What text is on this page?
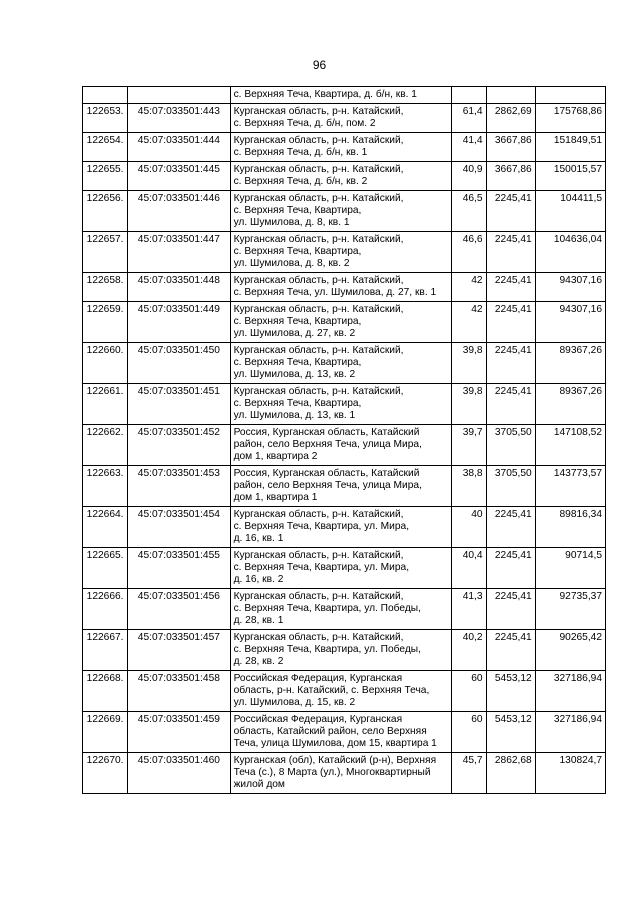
96
		с. Верхняя Теча, Квартира, д. б/н, кв. 1			
122653.	45:07:033501:443	Курганская область, р-н. Катайский,
с. Верхняя Теча, д. б/н, пом. 2	61,4	2862,69	175768,86
122654.	45:07:033501:444	Курганская область, р-н. Катайский,
с. Верхняя Теча, д. б/н, кв. 1	41,4	3667,86	151849,51
122655.	45:07:033501:445	Курганская область, р-н. Катайский,
с. Верхняя Теча, д. б/н, кв. 2	40,9	3667,86	150015,57
122656.	45:07:033501:446	Курганская область, р-н. Катайский,
с. Верхняя Теча, Квартира,
ул. Шумилова, д. 8, кв. 1	46,5	2245,41	104411,5
122657.	45:07:033501:447	Курганская область, р-н. Катайский,
с. Верхняя Теча, Квартира,
ул. Шумилова, д. 8, кв. 2	46,6	2245,41	104636,04
122658.	45:07:033501:448	Курганская область, р-н. Катайский,
с. Верхняя Теча, ул. Шумилова, д. 27, кв. 1	42	2245,41	94307,16
122659.	45:07:033501:449	Курганская область, р-н. Катайский,
с. Верхняя Теча, Квартира,
ул. Шумилова, д. 27, кв. 2	42	2245,41	94307,16
122660.	45:07:033501:450	Курганская область, р-н. Катайский,
с. Верхняя Теча, Квартира,
ул. Шумилова, д. 13, кв. 2	39,8	2245,41	89367,26
122661.	45:07:033501:451	Курганская область, р-н. Катайский,
с. Верхняя Теча, Квартира,
ул. Шумилова, д. 13, кв. 1	39,8	2245,41	89367,26
122662.	45:07:033501:452	Россия, Курганская область, Катайский
район, село Верхняя Теча, улица Мира,
дом 1, квартира 2	39,7	3705,50	147108,52
122663.	45:07:033501:453	Россия, Курганская область, Катайский
район, село Верхняя Теча, улица Мира,
дом 1, квартира 1	38,8	3705,50	143773,57
122664.	45:07:033501:454	Курганская область, р-н. Катайский,
с. Верхняя Теча, Квартира, ул. Мира,
д. 16, кв. 1	40	2245,41	89816,34
122665.	45:07:033501:455	Курганская область, р-н. Катайский,
с. Верхняя Теча, Квартира, ул. Мира,
д. 16, кв. 2	40,4	2245,41	90714,5
122666.	45:07:033501:456	Курганская область, р-н. Катайский,
с. Верхняя Теча, Квартира, ул. Победы,
д. 28, кв. 1	41,3	2245,41	92735,37
122667.	45:07:033501:457	Курганская область, р-н. Катайский,
с. Верхняя Теча, Квартира, ул. Победы,
д. 28, кв. 2	40,2	2245,41	90265,42
122668.	45:07:033501:458	Российская Федерация, Курганская
область, р-н. Катайский, с. Верхняя Теча,
ул. Шумилова, д. 15, кв. 2	60	5453,12	327186,94
122669.	45:07:033501:459	Российская Федерация, Курганская
область, Катайский район, село Верхняя
Теча, улица Шумилова, дом 15, квартира 1	60	5453,12	327186,94
122670.	45:07:033501:460	Курганская (обл), Катайский (р-н), Верхняя
Теча (с.), 8 Марта (ул.), Многоквартирный
жилой дом	45,7	2862,68	130824,7
